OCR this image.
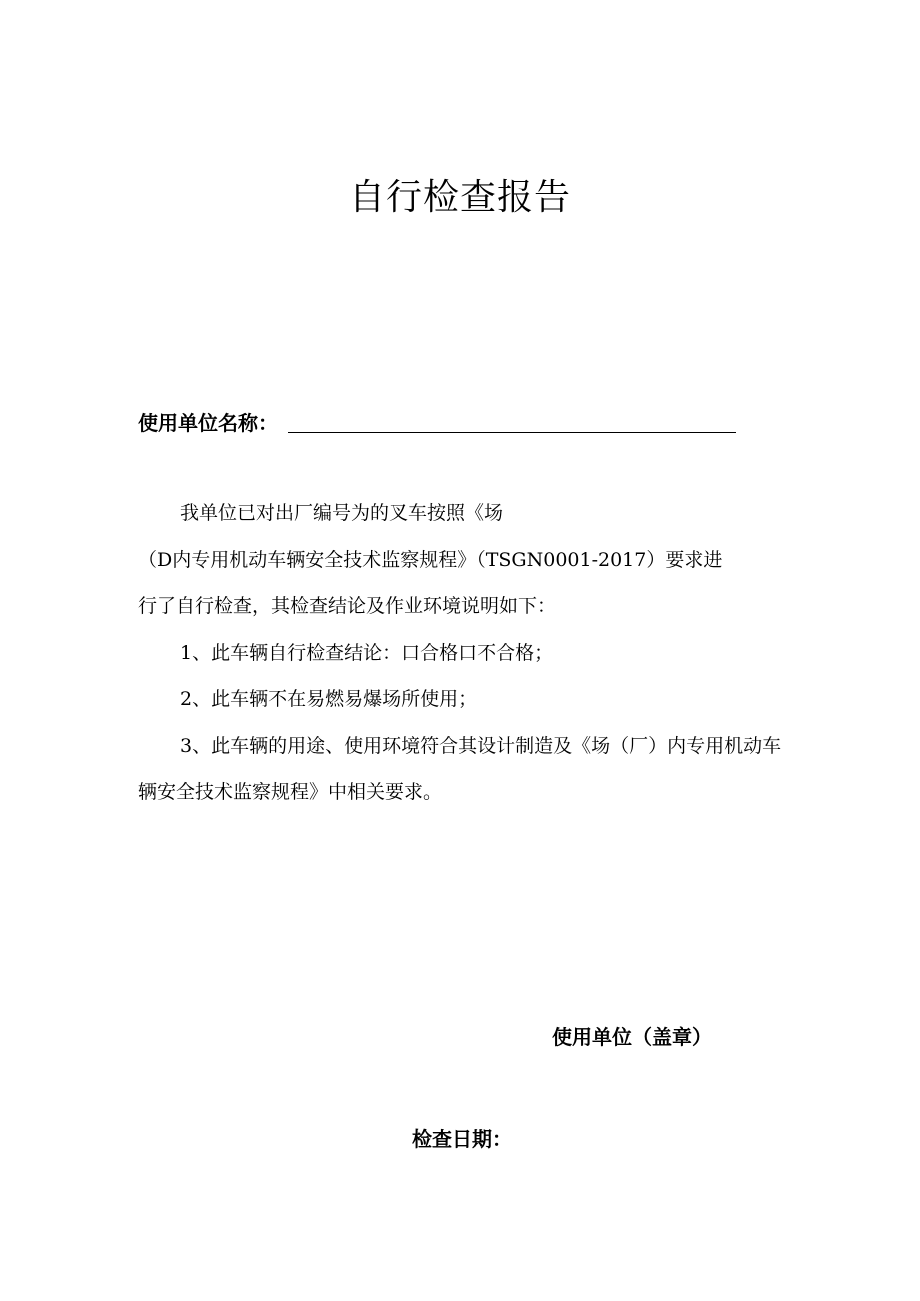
自行检查报告
使用单位名称：

我单位已对出厂编号为的叉车按照《场

（D内专用机动车辆安全技术监察规程》（TSGN0001-2017）要求进

行了自行检查，其检查结论及作业环境说明如下：

1、此车辆自行检查结论：口合格口不合格；

2、此车辆不在易燃易爆场所使用；

3、此车辆的用途、使用环境符合其设计制造及《场（厂）内专用机动车辆安全技术监察规程》中相关要求。

使用单位（盖章）
检查日期：
